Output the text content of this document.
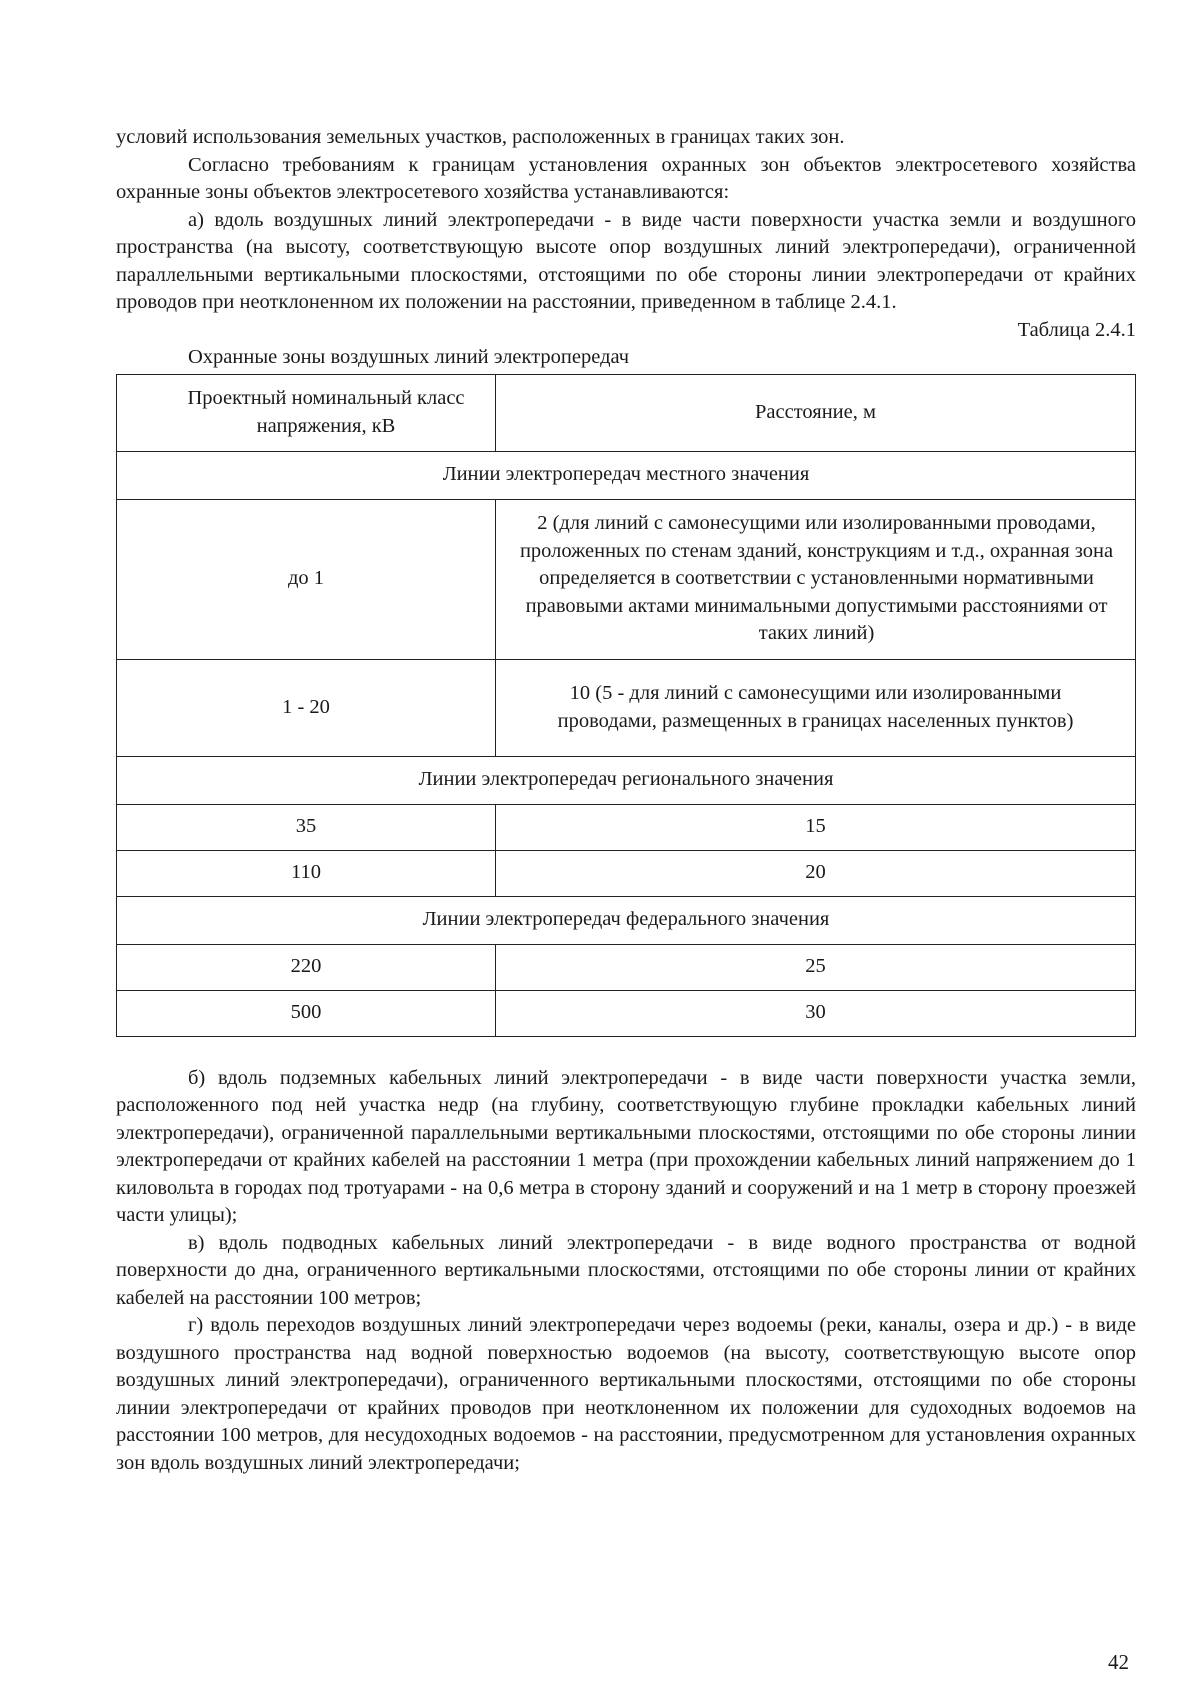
условий использования земельных участков, расположенных в границах таких зон.

Согласно требованиям к границам установления охранных зон объектов электросетевого хозяйства охранные зоны объектов электросетевого хозяйства устанавливаются:

а) вдоль воздушных линий электропередачи - в виде части поверхности участка земли и воздушного пространства (на высоту, соответствующую высоте опор воздушных линий электропередачи), ограниченной параллельными вертикальными плоскостями, отстоящими по обе стороны линии электропередачи от крайних проводов при неотклоненном их положении на расстоянии, приведенном в таблице 2.4.1.

Таблица 2.4.1

Охранные зоны воздушных линий электропередач
Проектный номинальный класс напряжения, кВ	Расстояние, м
Линии электропередач местного значения	
до 1	2 (для линий с самонесущими или изолированными проводами, проложенных по стенам зданий, конструкциям и т.д., охранная зона определяется в соответствии с установленными нормативными правовыми актами минимальными допустимыми расстояниями от таких линий)
1 - 20	10 (5 - для линий с самонесущими или изолированными проводами, размещенных в границах населенных пунктов)
Линии электропередач регионального значения	
35	15
110	20
Линии электропередач федерального значения	
220	25
500	30

б) вдоль подземных кабельных линий электропередачи - в виде части поверхности участка земли, расположенного под ней участка недр (на глубину, соответствующую глубине прокладки кабельных линий электропередачи), ограниченной параллельными вертикальными плоскостями, отстоящими по обе стороны линии электропередачи от крайних кабелей на расстоянии 1 метра (при прохождении кабельных линий напряжением до 1 киловольта в городах под тротуарами - на 0,6 метра в сторону зданий и сооружений и на 1 метр в сторону проезжей части улицы);

в) вдоль подводных кабельных линий электропередачи - в виде водного пространства от водной поверхности до дна, ограниченного вертикальными плоскостями, отстоящими по обе стороны линии от крайних кабелей на расстоянии 100 метров;

г) вдоль переходов воздушных линий электропередачи через водоемы (реки, каналы, озера и др.) - в виде воздушного пространства над водной поверхностью водоемов (на высоту, соответствующую высоте опор воздушных линий электропередачи), ограниченного вертикальными плоскостями, отстоящими по обе стороны линии электропередачи от крайних проводов при неотклоненном их положении для судоходных водоемов на расстоянии 100 метров, для несудоходных водоемов - на расстоянии, предусмотренном для установления охранных зон вдоль воздушных линий электропередачи;

42
